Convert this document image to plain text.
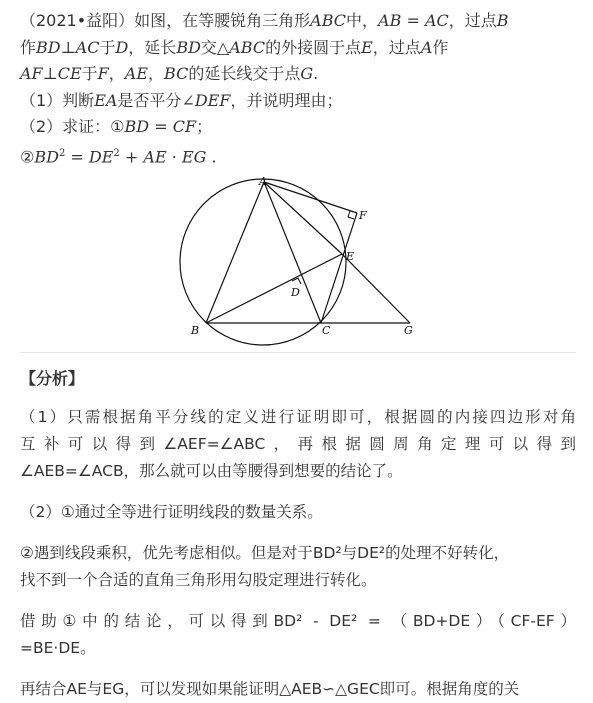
（2021•益阳）如图，在等腰锐角三角形ABC中，AB = AC，过点B
作BD⊥AC于D，延长BD交△ABC的外接圆于点E，过点A作
AF⊥CE于F，AE，BC的延长线交于点G.
（1）判断EA是否平分∠DEF，并说明理由；
（2）求证：①BD = CF；
$②BD^2 = DE^2$ + AE · EG .
A
F
E
D
B	C	G
【分析】
（1）只需根据角平分线的定义进行证明即可，根据圆的内接四边形对角
互补可以得到∠AEF=∠ABC，再根据圆周角定理可以得到
∠AEB=∠ACB，那么就可以由等腰得到想要的结论了。
（2）①通过全等进行证明线段的数量关系。
②遇到线段乘积，优先考虑相似。但是对于BD²与DE²的处理不好转化，
找不到一个合适的直角三角形用勾股定理进行转化。
借助①中的结论，可以得到BD² - DE² = （BD+DE）（CF-EF）
=BE·DE。
再结合AE与EG，可以发现如果能证明△AEB∽△GEC即可。根据角度的关
